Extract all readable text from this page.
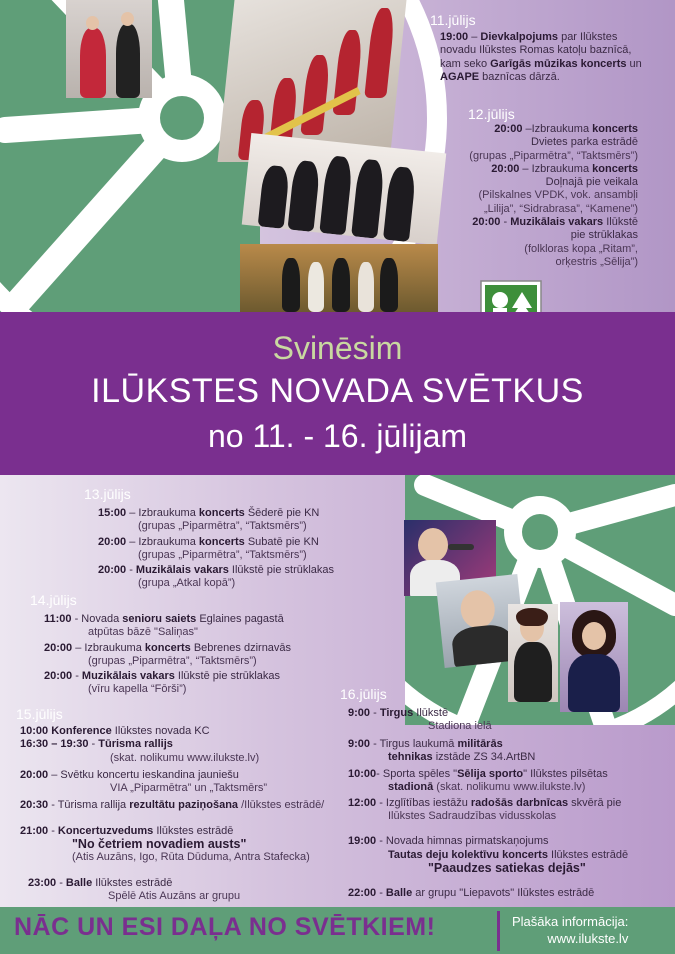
11.jūlijs
19:00 – Dievkalpojums par Ilūkstes novadu Ilūkstes Romas katoļu baznīcā, kam seko Garīgās mūzikas koncerts un AGAPE baznīcas dārzā.
12.jūlijs
20:00 –Izbraukuma koncerts
Dvietes parka estrādē
(grupas „Piparmētra”, “Taktsmērs”)
20:00 – Izbraukuma koncerts
Doļnajā pie veikala
(Pilskalnes VPDK, vok. ansambļi
„Lilija”, “Sidrabrasa”, “Kamene”)
20:00 - Muzikālais vakars Ilūkstē
pie strūklakas
(folkloras kopa „Ritam”,
orķestris „Sēlija”)
Svinēsim
ILŪKSTES NOVADA SVĒTKUS
no 11. - 16. jūlijam
13.jūlijs
15:00 – Izbraukuma koncerts Šēderē pie KN
(grupas „Piparmētra”, “Taktsmērs”)
20:00 – Izbraukuma koncerts Subatē pie KN
(grupas „Piparmētra”, “Taktsmērs”)
20:00 - Muzikālais vakars Ilūkstē pie strūklakas
(grupa „Atkal kopā”)
14.jūlijs
11:00 - Novada senioru saiets Eglaines pagastā
atpūtas bāzē "Saliņas"
20:00 – Izbraukuma koncerts Bebrenes dzirnavās
(grupas „Piparmētra”, “Taktsmērs”)
20:00 - Muzikālais vakars Ilūkstē pie strūklakas
(vīru kapella “Fōrši”)
15.jūlijs
10:00 Konference Ilūkstes novada KC
16:30 – 19:30 - Tūrisma rallijs
(skat. nolikumu www.ilukste.lv)
20:00 – Svētku koncertu ieskandina jauniešu
VIA „Piparmētra” un „Taktsmērs”
20:30 - Tūrisma rallija rezultātu paziņošana /Ilūkstes estrādē/
21:00 - Koncertuzvedums Ilūkstes estrādē
"No četriem novadiem austs"
(Atis Auzāns, Igo, Rūta Dūduma, Antra Stafecka)
23:00 - Balle Ilūkstes estrādē
Spēlē Atis Auzāns ar grupu
16.jūlijs
9:00 - Tirgus Ilūkstē
Stadiona ielā
9:00 - Tirgus laukumā militārās
tehnikas izstāde ZS 34.ArtBN
10:00- Sporta spēles "Sēlija sporto" Ilūkstes pilsētas
stadionā (skat. nolikumu www.ilukste.lv)
12:00 - Izglītības iestāžu radošās darbnīcas skvērā pie
Ilūkstes Sadraudzības vidusskolas
19:00 - Novada himnas pirmatskaņojums
Tautas deju kolektīvu koncerts Ilūkstes estrādē
"Paaudzes satiekas dejās"
22:00 - Balle ar grupu "Liepavots" Ilūkstes estrādē
NĀC UN ESI DAĻA NO SVĒTKIEM!	Plašāka informācija:
www.ilukste.lv
